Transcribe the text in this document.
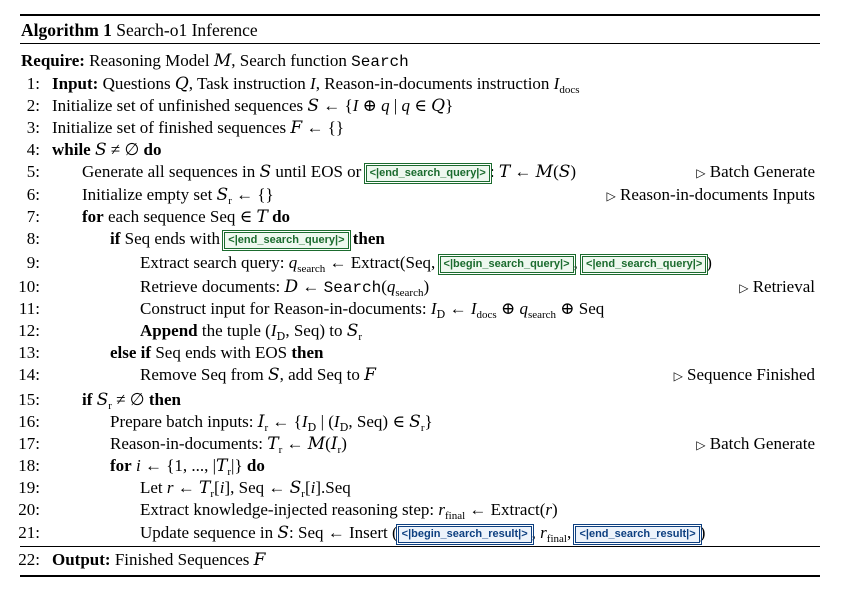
Algorithm 1 Search-o1 Inference
Require: Reasoning Model M, Search function Search
1: Input: Questions Q, Task instruction I, Reason-in-documents instruction $I_{docs}$
2: Initialize set of unfinished sequences S ← {I ⊕ q | q ∈ Q}
3: Initialize set of finished sequences F ← {}
4: while S ≠ ∅ do
5: Generate all sequences in S until EOS or <|end_search_query|> : T ← M(S)	▷ Batch Generate
6: Initialize empty set $S_r$ ← {}	▷ Reason-in-documents Inputs
7: for each sequence Seq ∈ T do
8:	if Seq ends with <|end_search_query|> then
9:	Extract search query: $q_{search}$ ← Extract(Seq, <|begin_search_query|> , <|end_search_query|> )
10:	Retrieve documents: D ← $Search(q_{search})$	▷ Retrieval
11:	Construct input for Reason-in-documents: $I_D$ ← $I_{docs}$ ⊕ $q_{search}$ ⊕ Seq
12:	Append the tuple ($I_D$, Seq) to $S_r$
13:	else if Seq ends with EOS then
14:	Remove Seq from S, add Seq to F	▷ Sequence Finished
15: if $S_r$ ≠ ∅ then
16:	Prepare batch inputs: $I_r$ ← {$I_D$ | ($I_D$, Seq) ∈ $S_r$}
17:	Reason-in-documents: $T_r$ ← $M(I_r)$	▷ Batch Generate
18:	for i ← {1, ..., $|T_r|$} do
19:	Let r ← $T_r[i]$, Seq ← $S_r[i].Seq$
20:	Extract knowledge-injected reasoning step: $r_{final}$ ← Extract(r)
21:	Update sequence in S: Seq ← Insert ( <|begin_search_result|> , $r_{final}$, <|end_search_result|> )
22: Output: Finished Sequences F
